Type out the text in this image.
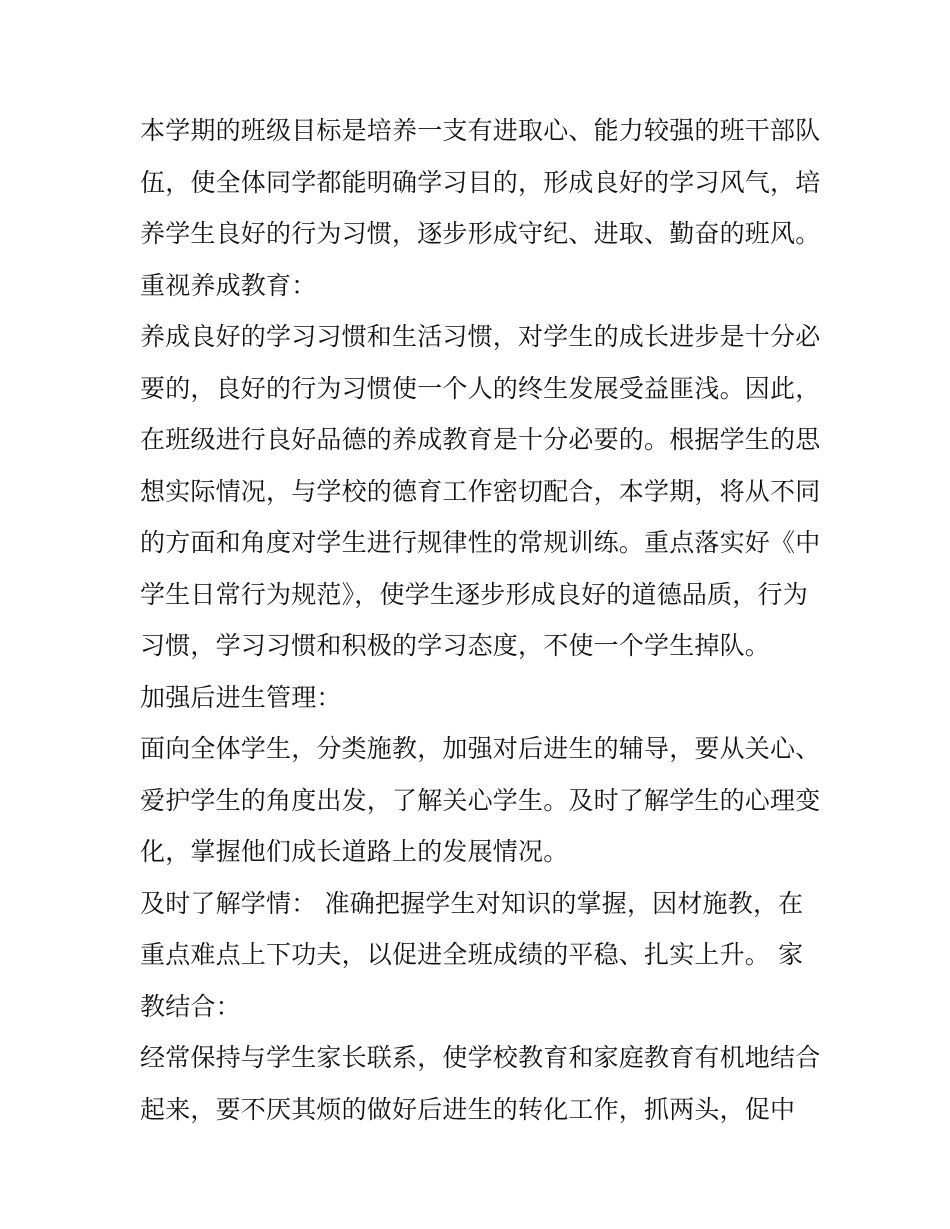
本学期的班级目标是培养一支有进取心、能力较强的班干部队
伍，使全体同学都能明确学习目的，形成良好的学习风气，培
养学生良好的行为习惯，逐步形成守纪、进取、勤奋的班风。
重视养成教育：
养成良好的学习习惯和生活习惯，对学生的成长进步是十分必
要的，良好的行为习惯使一个人的终生发展受益匪浅。因此，
在班级进行良好品德的养成教育是十分必要的。根据学生的思
想实际情况，与学校的德育工作密切配合，本学期，将从不同
的方面和角度对学生进行规律性的常规训练。重点落实好《中
学生日常行为规范》，使学生逐步形成良好的道德品质，行为
习惯，学习习惯和积极的学习态度，不使一个学生掉队。
加强后进生管理：
面向全体学生，分类施教，加强对后进生的辅导，要从关心、
爱护学生的角度出发，了解关心学生。及时了解学生的心理变
化，掌握他们成长道路上的发展情况。
及时了解学情： 准确把握学生对知识的掌握，因材施教，在
重点难点上下功夫，以促进全班成绩的平稳、扎实上升。 家
教结合：
经常保持与学生家长联系，使学校教育和家庭教育有机地结合
起来，要不厌其烦的做好后进生的转化工作，抓两头，促中
